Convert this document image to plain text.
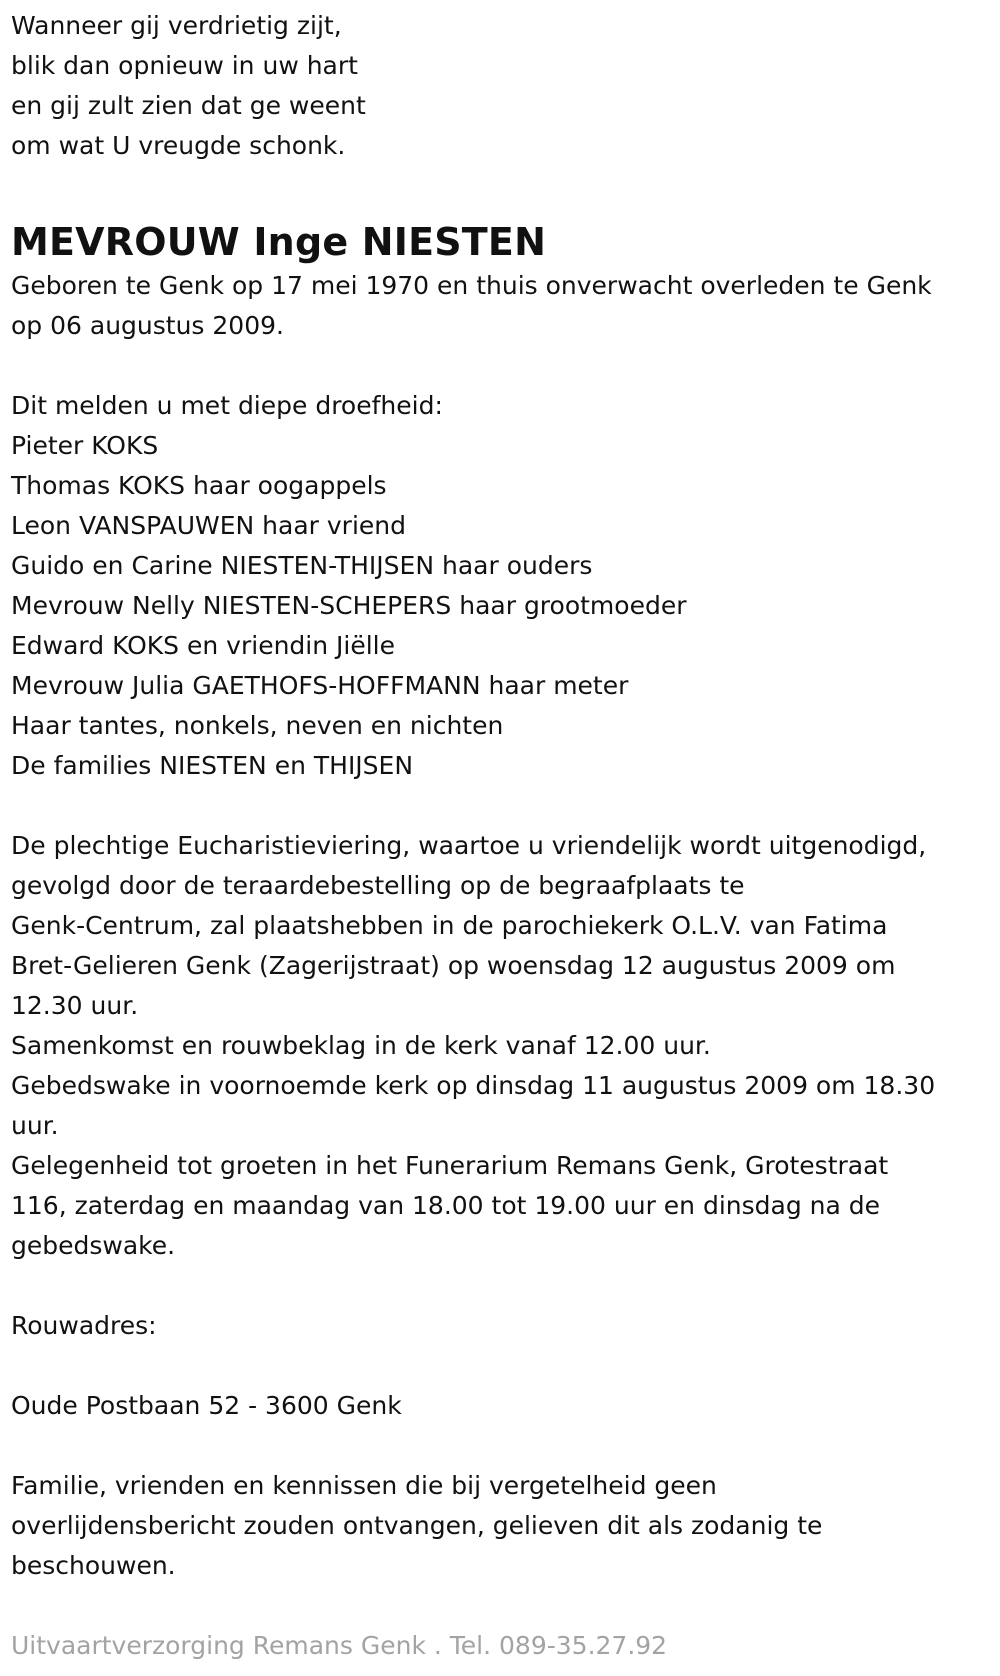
Wanneer gij verdrietig zijt,

blik dan opnieuw in uw hart

en gij zult zien dat ge weent

om wat U vreugde schonk.

MEVROUW Inge NIESTEN

Geboren te Genk op 17 mei 1970 en thuis onverwacht overleden te Genk

op 06 augustus 2009.

Dit melden u met diepe droefheid:

Pieter KOKS

Thomas KOKS haar oogappels

Leon VANSPAUWEN haar vriend

Guido en Carine NIESTEN-THIJSEN haar ouders

Mevrouw Nelly NIESTEN-SCHEPERS haar grootmoeder

Edward KOKS en vriendin Jiëlle

Mevrouw Julia GAETHOFS-HOFFMANN haar meter

Haar tantes, nonkels, neven en nichten

De families NIESTEN en THIJSEN

De plechtige Eucharistieviering, waartoe u vriendelijk wordt uitgenodigd,

gevolgd door de teraardebestelling op de begraafplaats te

Genk-Centrum, zal plaatshebben in de parochiekerk O.L.V. van Fatima

Bret-Gelieren Genk (Zagerijstraat) op woensdag 12 augustus 2009 om

12.30 uur.

Samenkomst en rouwbeklag in de kerk vanaf 12.00 uur.

Gebedswake in voornoemde kerk op dinsdag 11 augustus 2009 om 18.30

uur.

Gelegenheid tot groeten in het Funerarium Remans Genk, Grotestraat

116, zaterdag en maandag van 18.00 tot 19.00 uur en dinsdag na de

gebedswake.

Rouwadres:

Oude Postbaan 52 - 3600 Genk

Familie, vrienden en kennissen die bij vergetelheid geen

overlijdensbericht zouden ontvangen, gelieven dit als zodanig te

beschouwen.

Uitvaartverzorging Remans Genk . Tel. 089-35.27.92
